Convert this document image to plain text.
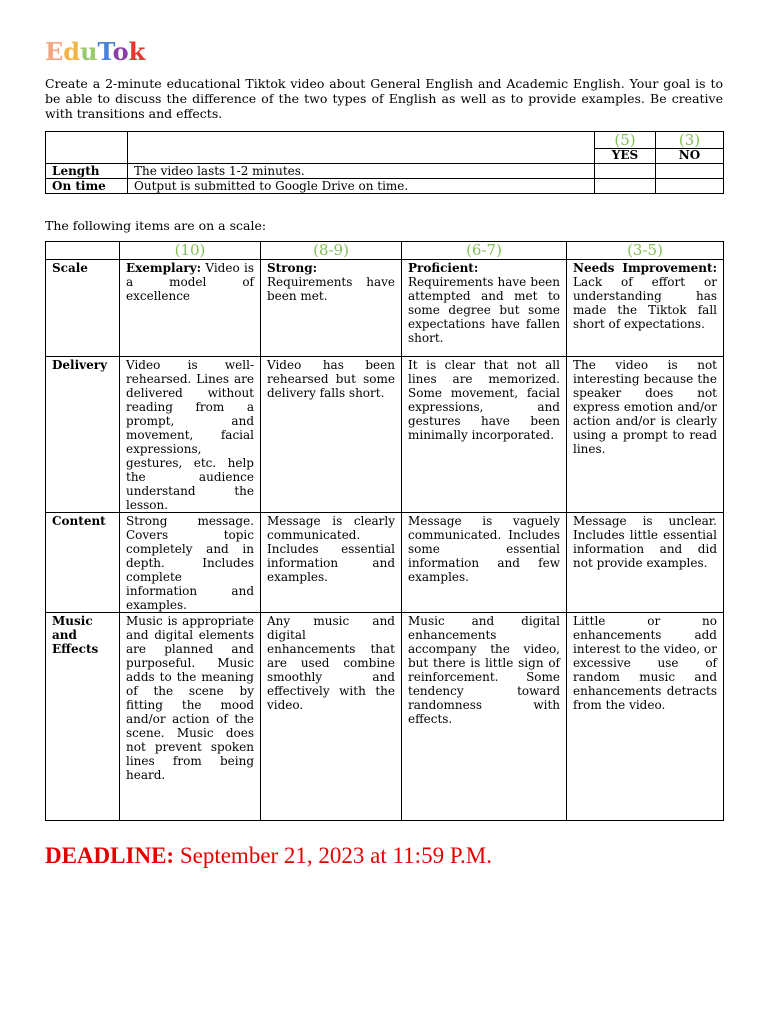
EduTok

Create a 2-minute educational Tiktok video about General English and Academic English. Your goal is to be able to discuss the difference of the two types of English as well as to provide examples. Be creative with transitions and effects.

		(5)	(3)
		YES	NO
Length	The video lasts 1-2 minutes.		
On time	Output is submitted to Google Drive on time.		

The following items are on a scale:

	(10)	(8-9)	(6-7)	(3-5)
Scale	Exemplary: Video is a model of excellence	Strong: Requirements have been met.	Proficient: Requirements have been attempted and met to some degree but some expectations have fallen short.	Needs Improvement: Lack of effort or understanding has made the Tiktok fall short of expectations.
Delivery	Video is well-rehearsed. Lines are delivered without reading from a prompt, and movement, facial expressions, gestures, etc. help the audience understand the lesson.	Video has been rehearsed but some delivery falls short.	It is clear that not all lines are memorized. Some movement, facial expressions, and gestures have been minimally incorporated.	The video is not interesting because the speaker does not express emotion and/or action and/or is clearly using a prompt to read lines.
Content	Strong message. Covers topic completely and in depth. Includes complete information and examples.	Message is clearly communicated. Includes essential information and examples.	Message is vaguely communicated. Includes some essential information and few examples.	Message is unclear. Includes little essential information and did not provide examples.
Music and Effects	Music is appropriate and digital elements are planned and purposeful. Music adds to the meaning of the scene by fitting the mood and/or action of the scene. Music does not prevent spoken lines from being heard.	Any music and digital enhancements that are used combine smoothly and effectively with the video.	Music and digital enhancements accompany the video, but there is little sign of reinforcement. Some tendency toward randomness with effects.	Little or no enhancements add interest to the video, or excessive use of random music and enhancements detracts from the video.
DEADLINE: September 21, 2023 at 11:59 P.M.
